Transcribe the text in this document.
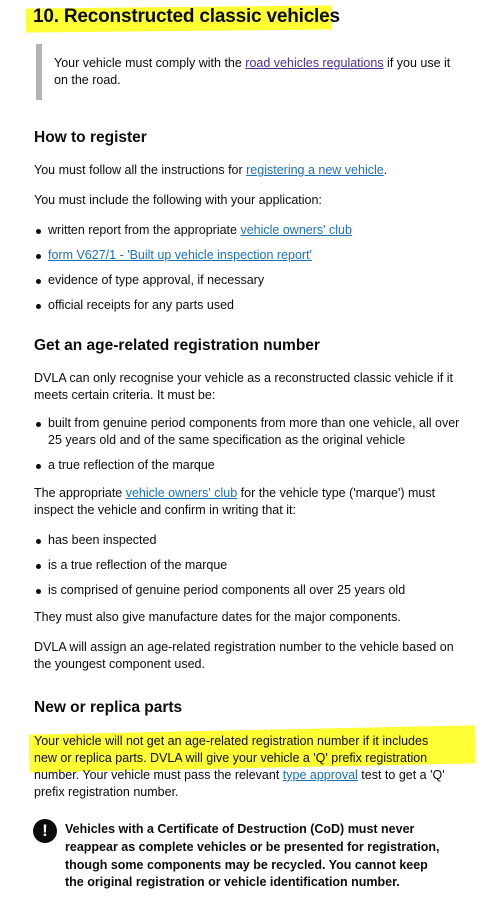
10. Reconstructed classic vehicles

Your vehicle must comply with the road vehicles regulations if you use it on the road.

How to register

You must follow all the instructions for registering a new vehicle.

You must include the following with your application:

written report from the appropriate vehicle owners' club
form V627/1 - 'Built up vehicle inspection report'
evidence of type approval, if necessary
official receipts for any parts used
Get an age-related registration number

DVLA can only recognise your vehicle as a reconstructed classic vehicle if it meets certain criteria. It must be:

built from genuine period components from more than one vehicle, all over 25 years old and of the same specification as the original vehicle
a true reflection of the marque

The appropriate vehicle owners' club for the vehicle type ('marque') must inspect the vehicle and confirm in writing that it:

has been inspected
is a true reflection of the marque
is comprised of genuine period components all over 25 years old

They must also give manufacture dates for the major components.

DVLA will assign an age-related registration number to the vehicle based on the youngest component used.

New or replica parts

Your vehicle will not get an age-related registration number if it includes new or replica parts. DVLA will give your vehicle a 'Q' prefix registration number. Your vehicle must pass the relevant type approval test to get a 'Q' prefix registration number.

!	Vehicles with a Certificate of Destruction (CoD) must never reappear as complete vehicles or be presented for registration, though some components may be recycled. You cannot keep the original registration or vehicle identification number.
